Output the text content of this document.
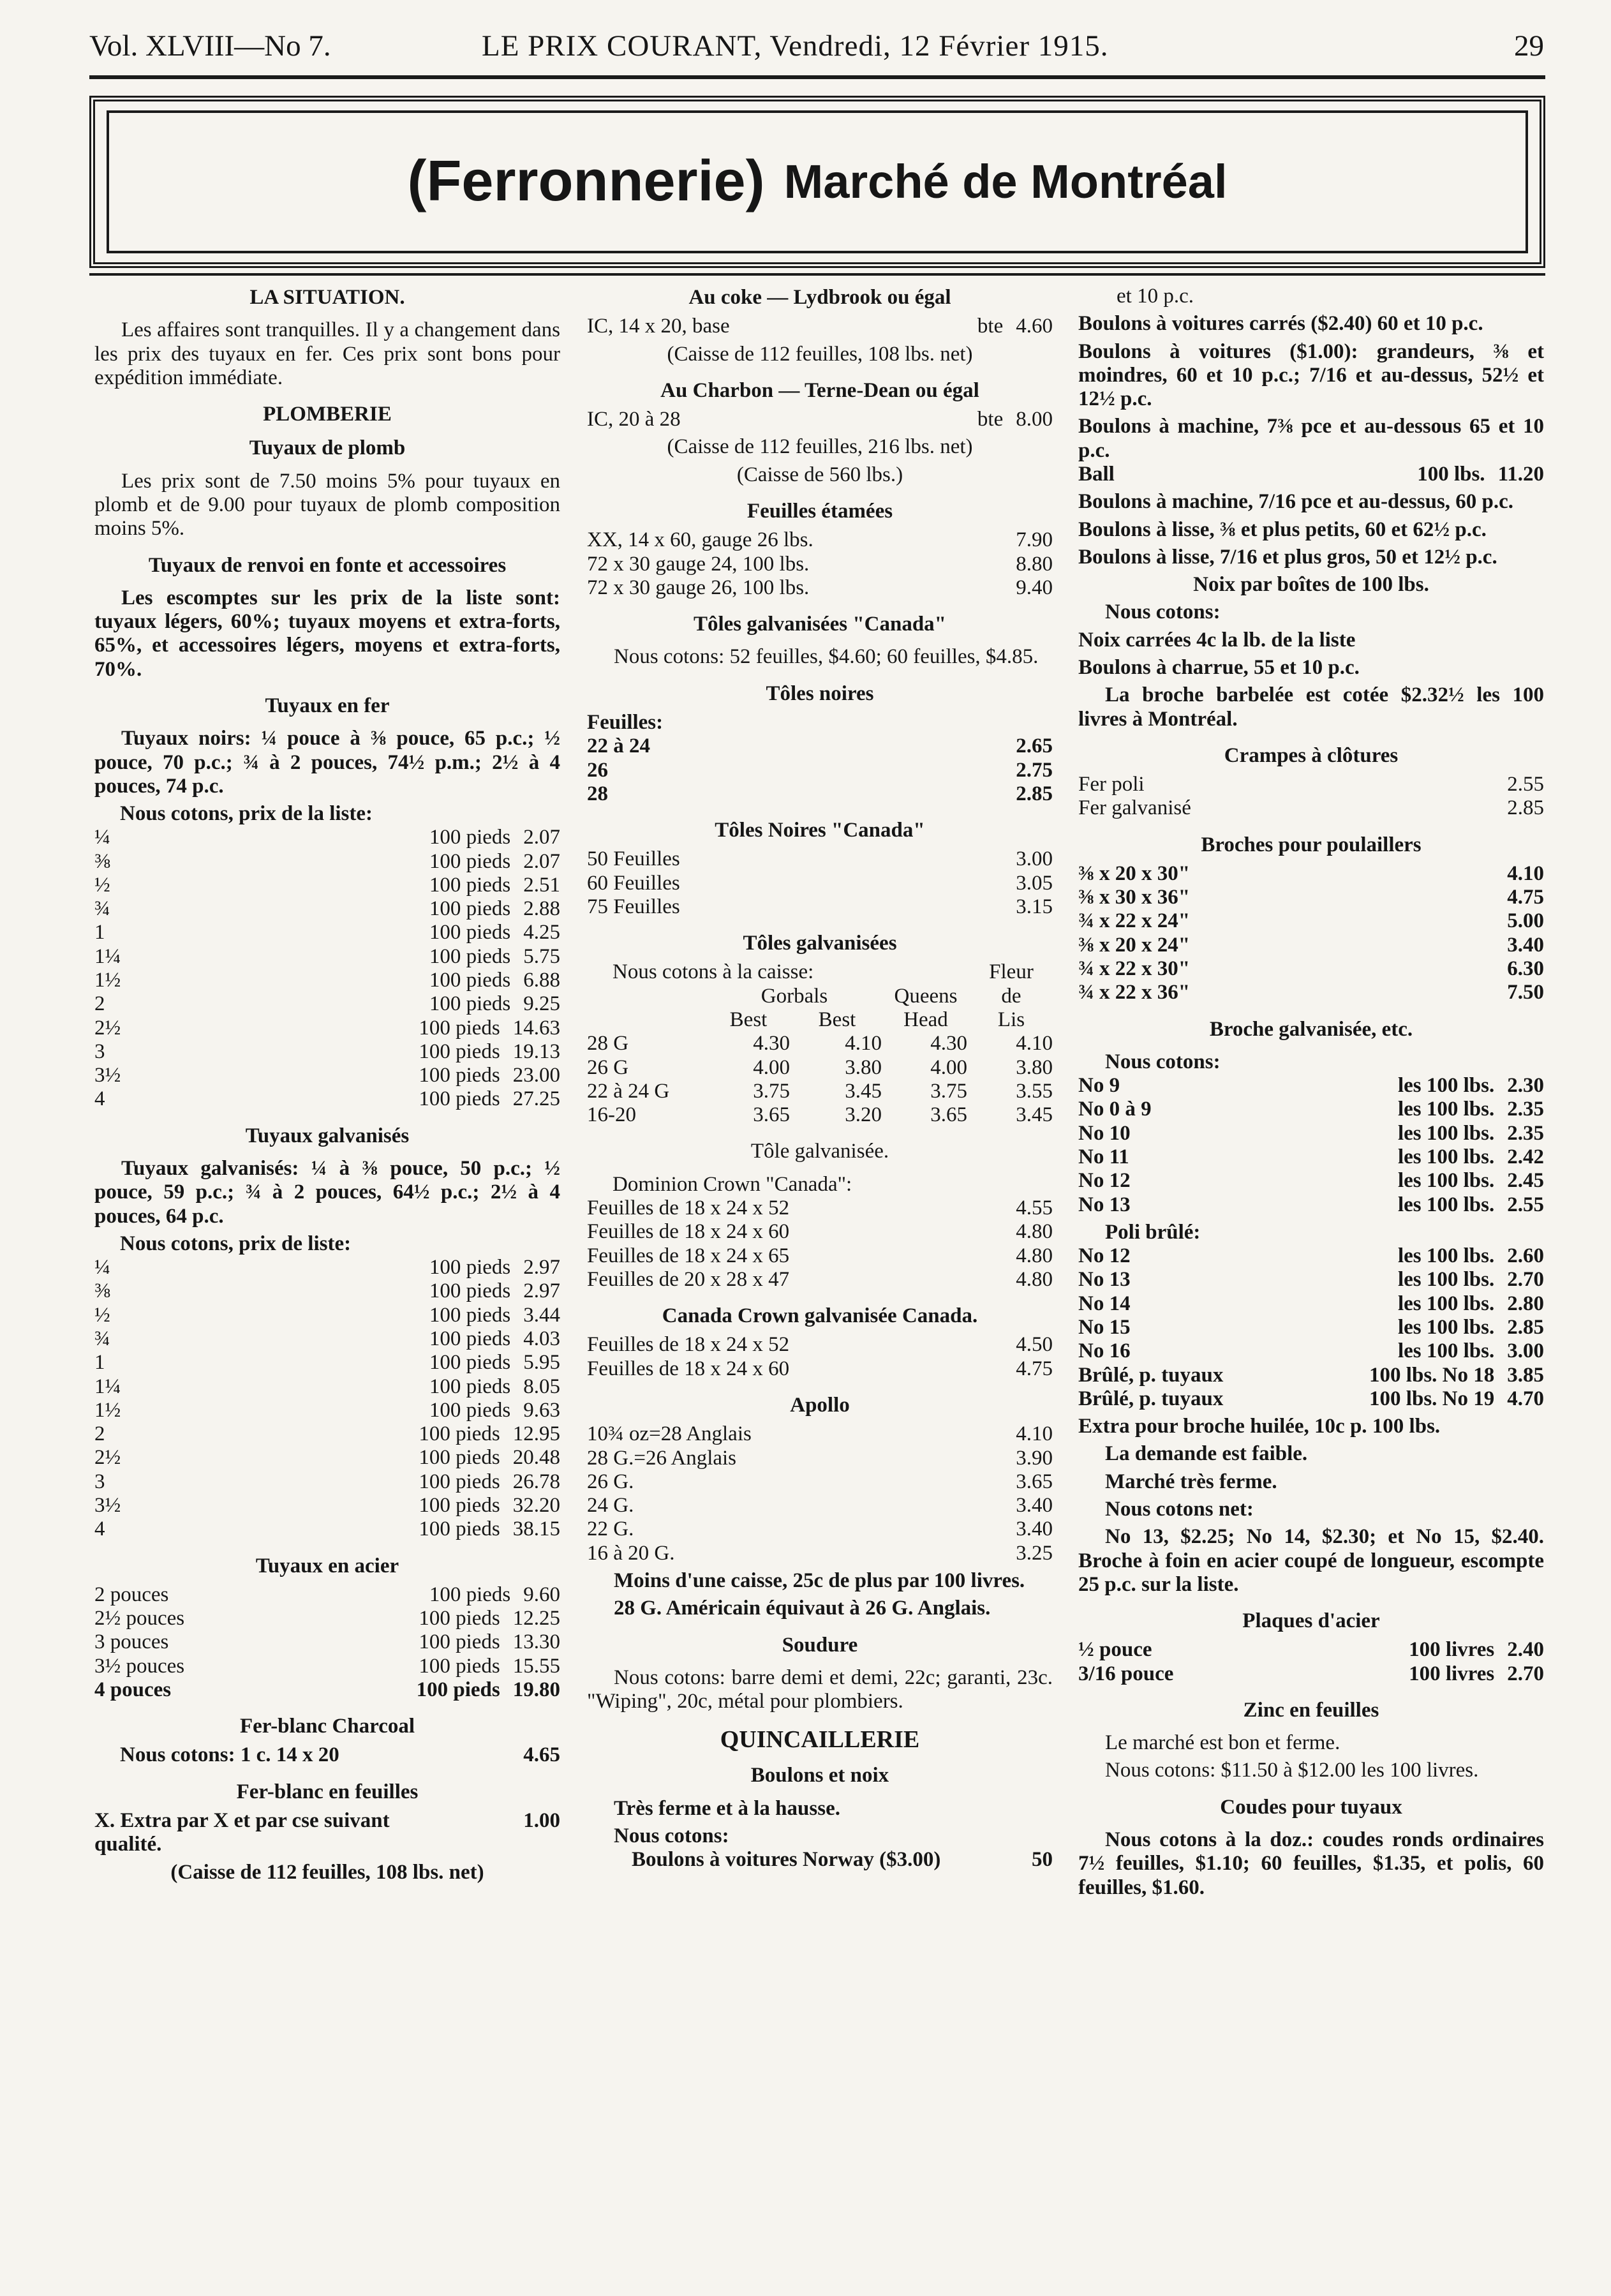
Vol. XLVIII—No 7.	LE PRIX COURANT, Vendredi, 12 Février 1915.	29
(Ferronnerie) Marché de Montréal
LA SITUATION.
Les affaires sont tranquilles. Il y a changement dans les prix des tuyaux en fer. Ces prix sont bons pour expédition immédiate.
PLOMBERIE
Tuyaux de plomb
Les prix sont de 7.50 moins 5% pour tuyaux en plomb et de 9.00 pour tuyaux de plomb composition moins 5%.
Tuyaux de renvoi en fonte et accessoires
Les escomptes sur les prix de la liste sont: tuyaux légers, 60%; tuyaux moyens et extra-forts, 65%, et accessoires légers, moyens et extra-forts, 70%.
Tuyaux en fer
Tuyaux noirs: ¼ pouce à ⅜ pouce, 65 p.c.; ½ pouce, 70 p.c.; ¾ à 2 pouces, 74½ p.m.; 2½ à 4 pouces, 74 p.c.
Nous cotons, prix de la liste:
¼	100 pieds 2.07
⅜	100 pieds 2.07
½	100 pieds 2.51
¾	100 pieds 2.88
1	100 pieds 4.25
1¼	100 pieds 5.75
1½	100 pieds 6.88
2	100 pieds 9.25
2½	100 pieds 14.63
3	100 pieds 19.13
3½	100 pieds 23.00
4	100 pieds 27.25
Tuyaux galvanisés
Tuyaux galvanisés: ¼ à ⅜ pouce, 50 p.c.; ½ pouce, 59 p.c.; ¾ à 2 pouces, 64½ p.c.; 2½ à 4 pouces, 64 p.c.
Nous cotons, prix de liste:
¼	100 pieds 2.97
⅜	100 pieds 2.97
½	100 pieds 3.44
¾	100 pieds 4.03
1	100 pieds 5.95
1¼	100 pieds 8.05
1½	100 pieds 9.63
2	100 pieds 12.95
2½	100 pieds 20.48
3	100 pieds 26.78
3½	100 pieds 32.20
4	100 pieds 38.15
Tuyaux en acier
2 pouces	100 pieds 9.60
2½ pouces	100 pieds 12.25
3 pouces	100 pieds 13.30
3½ pouces	100 pieds 15.55
4 pouces	100 pieds 19.80
Fer-blanc Charcoal
Nous cotons: 1 c. 14 x 20	4.65
Fer-blanc en feuilles
X. Extra par X et par cse suivant qualité.
1.00
(Caisse de 112 feuilles, 108 lbs. net)
Au coke — Lydbrook ou égal
IC, 14 x 20, base	bte 4.60
(Caisse de 112 feuilles, 108 lbs. net)
Au Charbon — Terne-Dean ou égal
IC, 20 à 28	bte 8.00
(Caisse de 112 feuilles, 216 lbs. net)
(Caisse de 560 lbs.)
Feuilles étamées
XX, 14 x 60, gauge 26 lbs.	7.90
72 x 30 gauge 24, 100 lbs.	8.80
72 x 30 gauge 26, 100 lbs.	9.40
Tôles galvanisées "Canada"
Nous cotons: 52 feuilles, $4.60; 60 feuilles, $4.85.
Tôles noires
Feuilles:
22 à 24	2.65
26	2.75
28	2.85
Tôles Noires "Canada"
50 Feuilles	3.00
60 Feuilles	3.05
75 Feuilles	3.15
Tôles galvanisées
Nous cotons à la caisse:	Fleur
Gorbals	Queens	de
Best	Best	Head	Lis
28 G	4.30	4.10	4.30	4.10
26 G	4.00	3.80	4.00	3.80
22 à 24 G	3.75	3.45	3.75	3.55
16-20	3.65	3.20	3.65	3.45
Tôle galvanisée.
Dominion Crown "Canada":
Feuilles de 18 x 24 x 52	4.55
Feuilles de 18 x 24 x 60	4.80
Feuilles de 18 x 24 x 65	4.80
Feuilles de 20 x 28 x 47	4.80
Canada Crown galvanisée Canada.
Feuilles de 18 x 24 x 52	4.50
Feuilles de 18 x 24 x 60	4.75
Apollo
10¾ oz=28 Anglais	4.10
28 G.=26 Anglais	3.90
26 G.	3.65
24 G.	3.40
22 G.	3.40
16 à 20 G.	3.25
Moins d'une caisse, 25c de plus par 100 livres.
28 G. Américain équivaut à 26 G. Anglais.
Soudure
Nous cotons: barre demi et demi, 22c; garanti, 23c. "Wiping", 20c, métal pour plombiers.
QUINCAILLERIE
Boulons et noix
Très ferme et à la hausse.
Nous cotons:
Boulons à voitures Norway ($3.00)	50
et 10 p.c.
Boulons à voitures carrés ($2.40) 60 et 10 p.c.
Boulons à voitures ($1.00): grandeurs, ⅜ et moindres, 60 et 10 p.c.; 7/16 et au-dessus, 52½ et 12½ p.c.
Boulons à machine, 7⅜ pce et au-dessous 65 et 10 p.c.
Ball	100 lbs. 11.20
Boulons à machine, 7/16 pce et au-dessus, 60 p.c.
Boulons à lisse, ⅜ et plus petits, 60 et 62½ p.c.
Boulons à lisse, 7/16 et plus gros, 50 et 12½ p.c.
Noix par boîtes de 100 lbs.
Nous cotons:
Noix carrées 4c la lb. de la liste
Boulons à charrue, 55 et 10 p.c.
La broche barbelée est cotée $2.32½ les 100 livres à Montréal.
Crampes à clôtures
Fer poli	2.55
Fer galvanisé	2.85
Broches pour poulaillers
⅜ x 20 x 30"	4.10
⅜ x 30 x 36"	4.75
¾ x 22 x 24"	5.00
⅜ x 20 x 24"	3.40
¾ x 22 x 30"	6.30
¾ x 22 x 36"	7.50
Broche galvanisée, etc.
Nous cotons:
No 9	les 100 lbs. 2.30
No 0 à 9	les 100 lbs. 2.35
No 10	les 100 lbs. 2.35
No 11	les 100 lbs. 2.42
No 12	les 100 lbs. 2.45
No 13	les 100 lbs. 2.55
Poli brûlé:
No 12	les 100 lbs. 2.60
No 13	les 100 lbs. 2.70
No 14	les 100 lbs. 2.80
No 15	les 100 lbs. 2.85
No 16	les 100 lbs. 3.00
Brûlé, p. tuyaux	100 lbs. No 18 3.85
Brûlé, p. tuyaux	100 lbs. No 19 4.70
Extra pour broche huilée, 10c p. 100 lbs.
La demande est faible.
Marché très ferme.
Nous cotons net:
No 13, $2.25; No 14, $2.30; et No 15, $2.40. Broche à foin en acier coupé de longueur, escompte 25 p.c. sur la liste.
Plaques d'acier
½ pouce	100 livres 2.40
3/16 pouce	100 livres 2.70
Zinc en feuilles
Le marché est bon et ferme.
Nous cotons: $11.50 à $12.00 les 100 livres.
Coudes pour tuyaux
Nous cotons à la doz.: coudes ronds ordinaires 7½ feuilles, $1.10; 60 feuilles, $1.35, et polis, 60 feuilles, $1.60.
